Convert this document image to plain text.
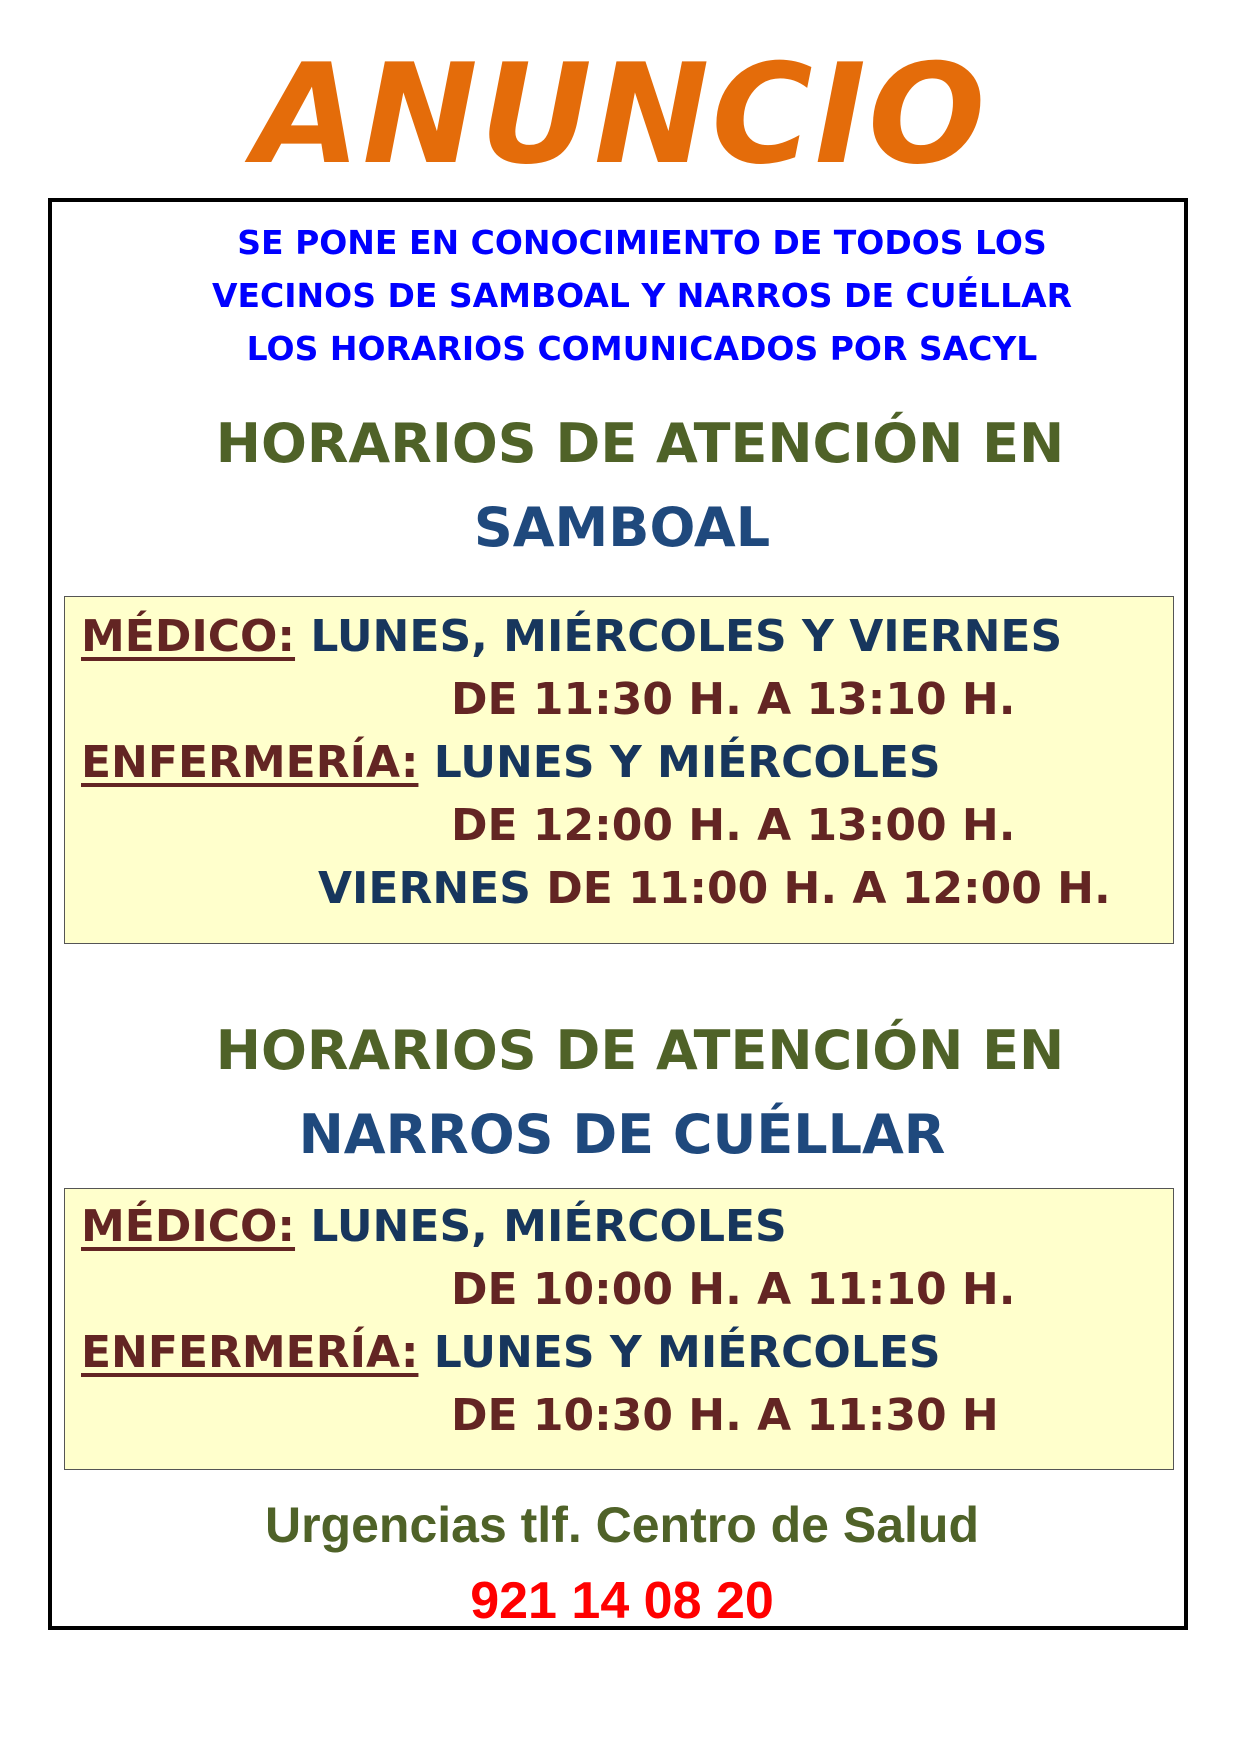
ANUNCIO
SE PONE EN CONOCIMIENTO DE TODOS LOS
VECINOS DE SAMBOAL Y NARROS DE CUÉLLAR
LOS HORARIOS COMUNICADOS POR SACYL
HORARIOS DE ATENCIÓN EN
SAMBOAL
MÉDICO: LUNES, MIÉRCOLES Y VIERNES
DE 11:30 H. A 13:10 H.
ENFERMERÍA: LUNES Y MIÉRCOLES
DE 12:00 H. A 13:00 H.
VIERNES DE 11:00 H. A 12:00 H.
HORARIOS DE ATENCIÓN EN
NARROS DE CUÉLLAR
MÉDICO: LUNES, MIÉRCOLES
DE 10:00 H. A 11:10 H.
ENFERMERÍA: LUNES Y MIÉRCOLES
DE 10:30 H. A 11:30 H
Urgencias tlf. Centro de Salud
921 14 08 20
